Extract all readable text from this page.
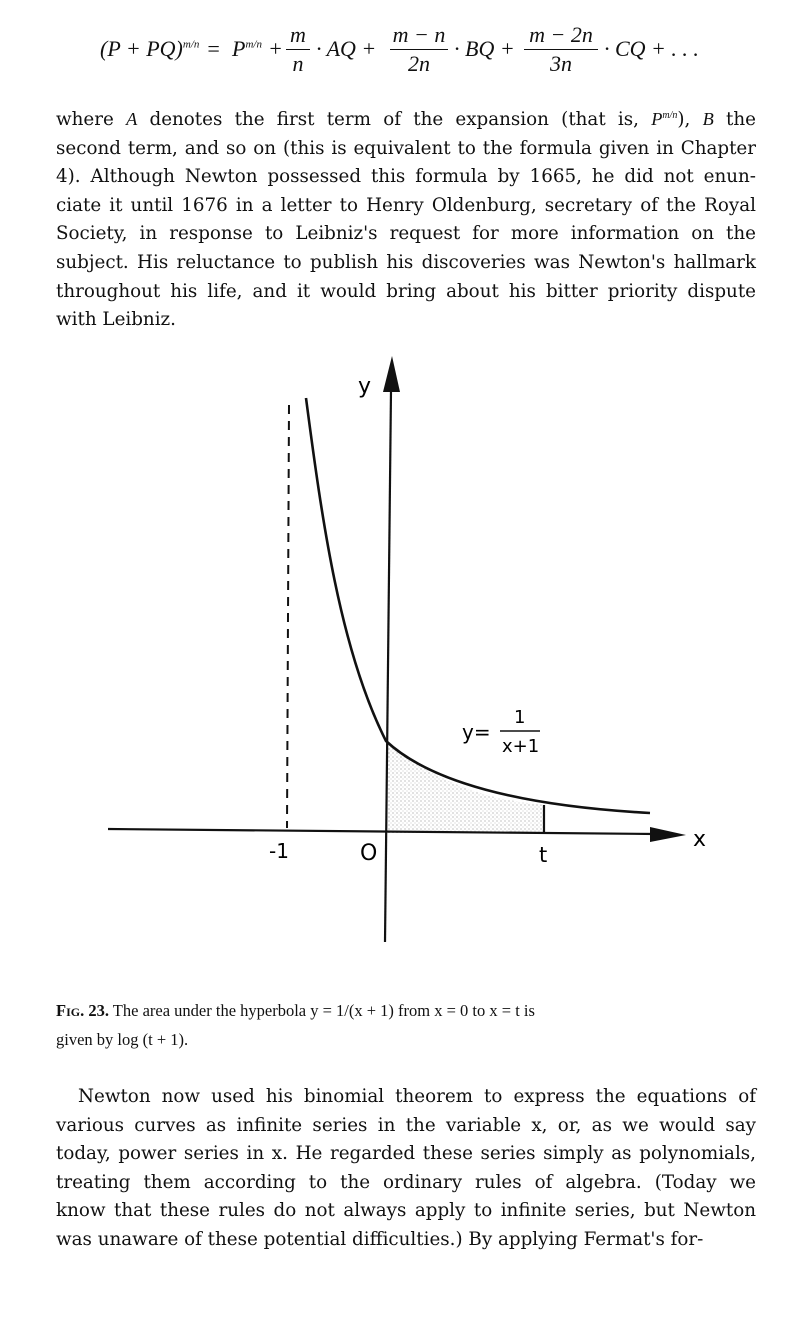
$(P + PQ)^{m/n} = P^{m/n}$ +
m
n
· AQ +
m − n
2n
· BQ +
m − 2n
3n
· CQ + . . .
where A denotes the first term of the expansion (that is, $P^{m/n}$), B the
second term, and so on (this is equivalent to the formula given in Chapter
4). Although Newton possessed this formula by 1665, he did not enun-
ciate it until 1676 in a letter to Henry Oldenburg, secretary of the Royal
Society, in response to Leibniz's request for more information on the
subject. His reluctance to publish his discoveries was Newton's hallmark
throughout his life, and it would bring about his bitter priority dispute
with Leibniz.
y
x
O
-1	t
y=
1
x+1
Fig. 23. The area under the hyperbola y = 1/(x + 1) from x = 0 to x = t is
given by log (t + 1).
Newton now used his binomial theorem to express the equations of
various curves as infinite series in the variable x, or, as we would say
today, power series in x. He regarded these series simply as polynomials,
treating them according to the ordinary rules of algebra. (Today we
know that these rules do not always apply to infinite series, but Newton
was unaware of these potential difficulties.) By applying Fermat's for-
